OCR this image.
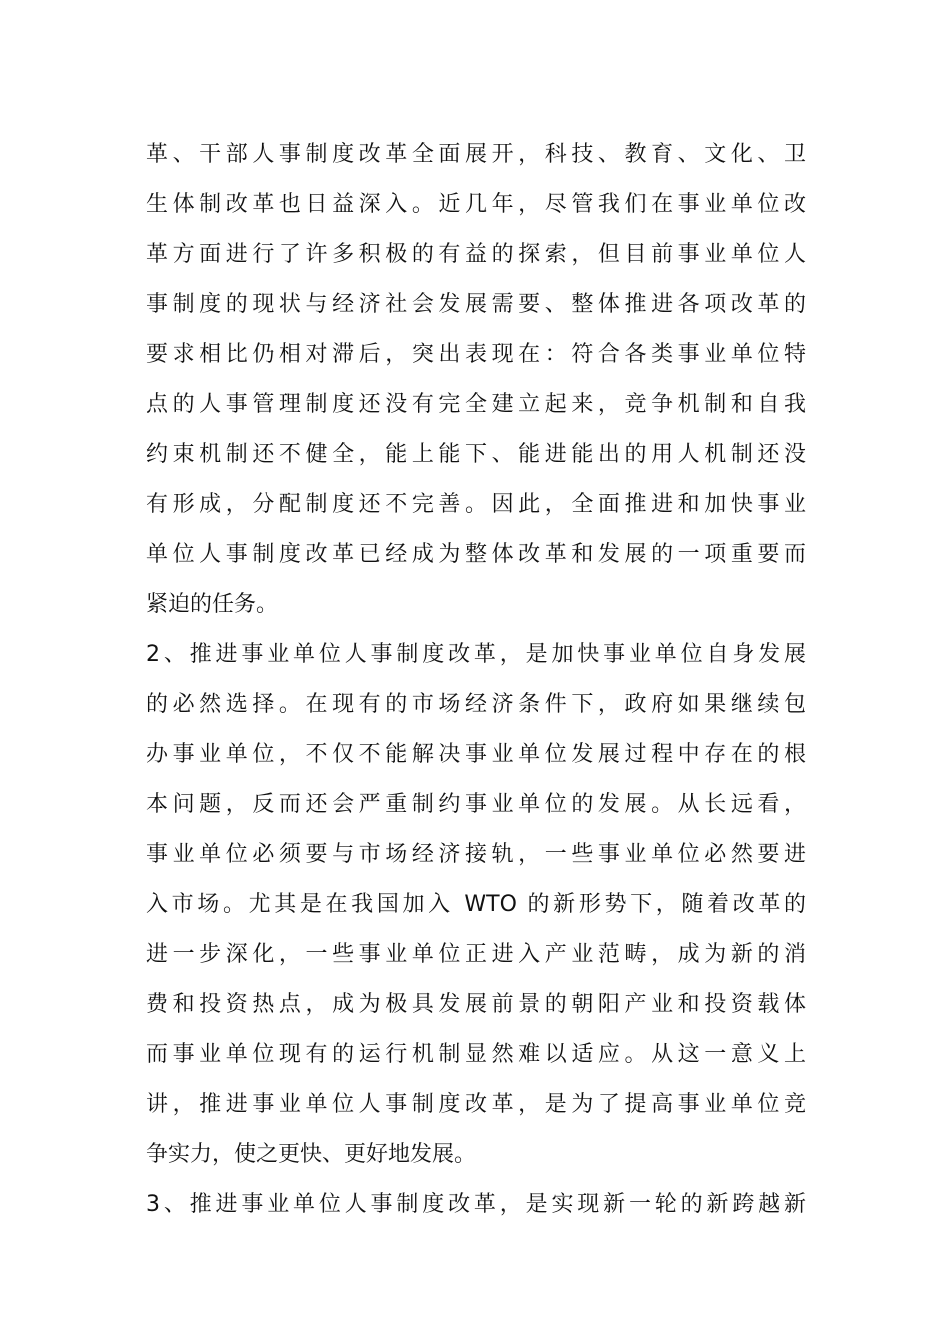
革、干部人事制度改革全面展开，科技、教育、文化、卫
生体制改革也日益深入。近几年，尽管我们在事业单位改
革方面进行了许多积极的有益的探索，但目前事业单位人
事制度的现状与经济社会发展需要、整体推进各项改革的
要求相比仍相对滞后，突出表现在：符合各类事业单位特
点的人事管理制度还没有完全建立起来，竞争机制和自我
约束机制还不健全，能上能下、能进能出的用人机制还没
有形成，分配制度还不完善。因此，全面推进和加快事业
单位人事制度改革已经成为整体改革和发展的一项重要而
紧迫的任务。
2、推进事业单位人事制度改革，是加快事业单位自身发展
的必然选择。在现有的市场经济条件下，政府如果继续包
办事业单位，不仅不能解决事业单位发展过程中存在的根
本问题，反而还会严重制约事业单位的发展。从长远看，
事业单位必须要与市场经济接轨，一些事业单位必然要进
入市场。尤其是在我国加入 WTO 的新形势下，随着改革的
进一步深化，一些事业单位正进入产业范畴，成为新的消
费和投资热点，成为极具发展前景的朝阳产业和投资载体
而事业单位现有的运行机制显然难以适应。从这一意义上
讲，推进事业单位人事制度改革，是为了提高事业单位竞
争实力，使之更快、更好地发展。
3、推进事业单位人事制度改革，是实现新一轮的新跨越新
